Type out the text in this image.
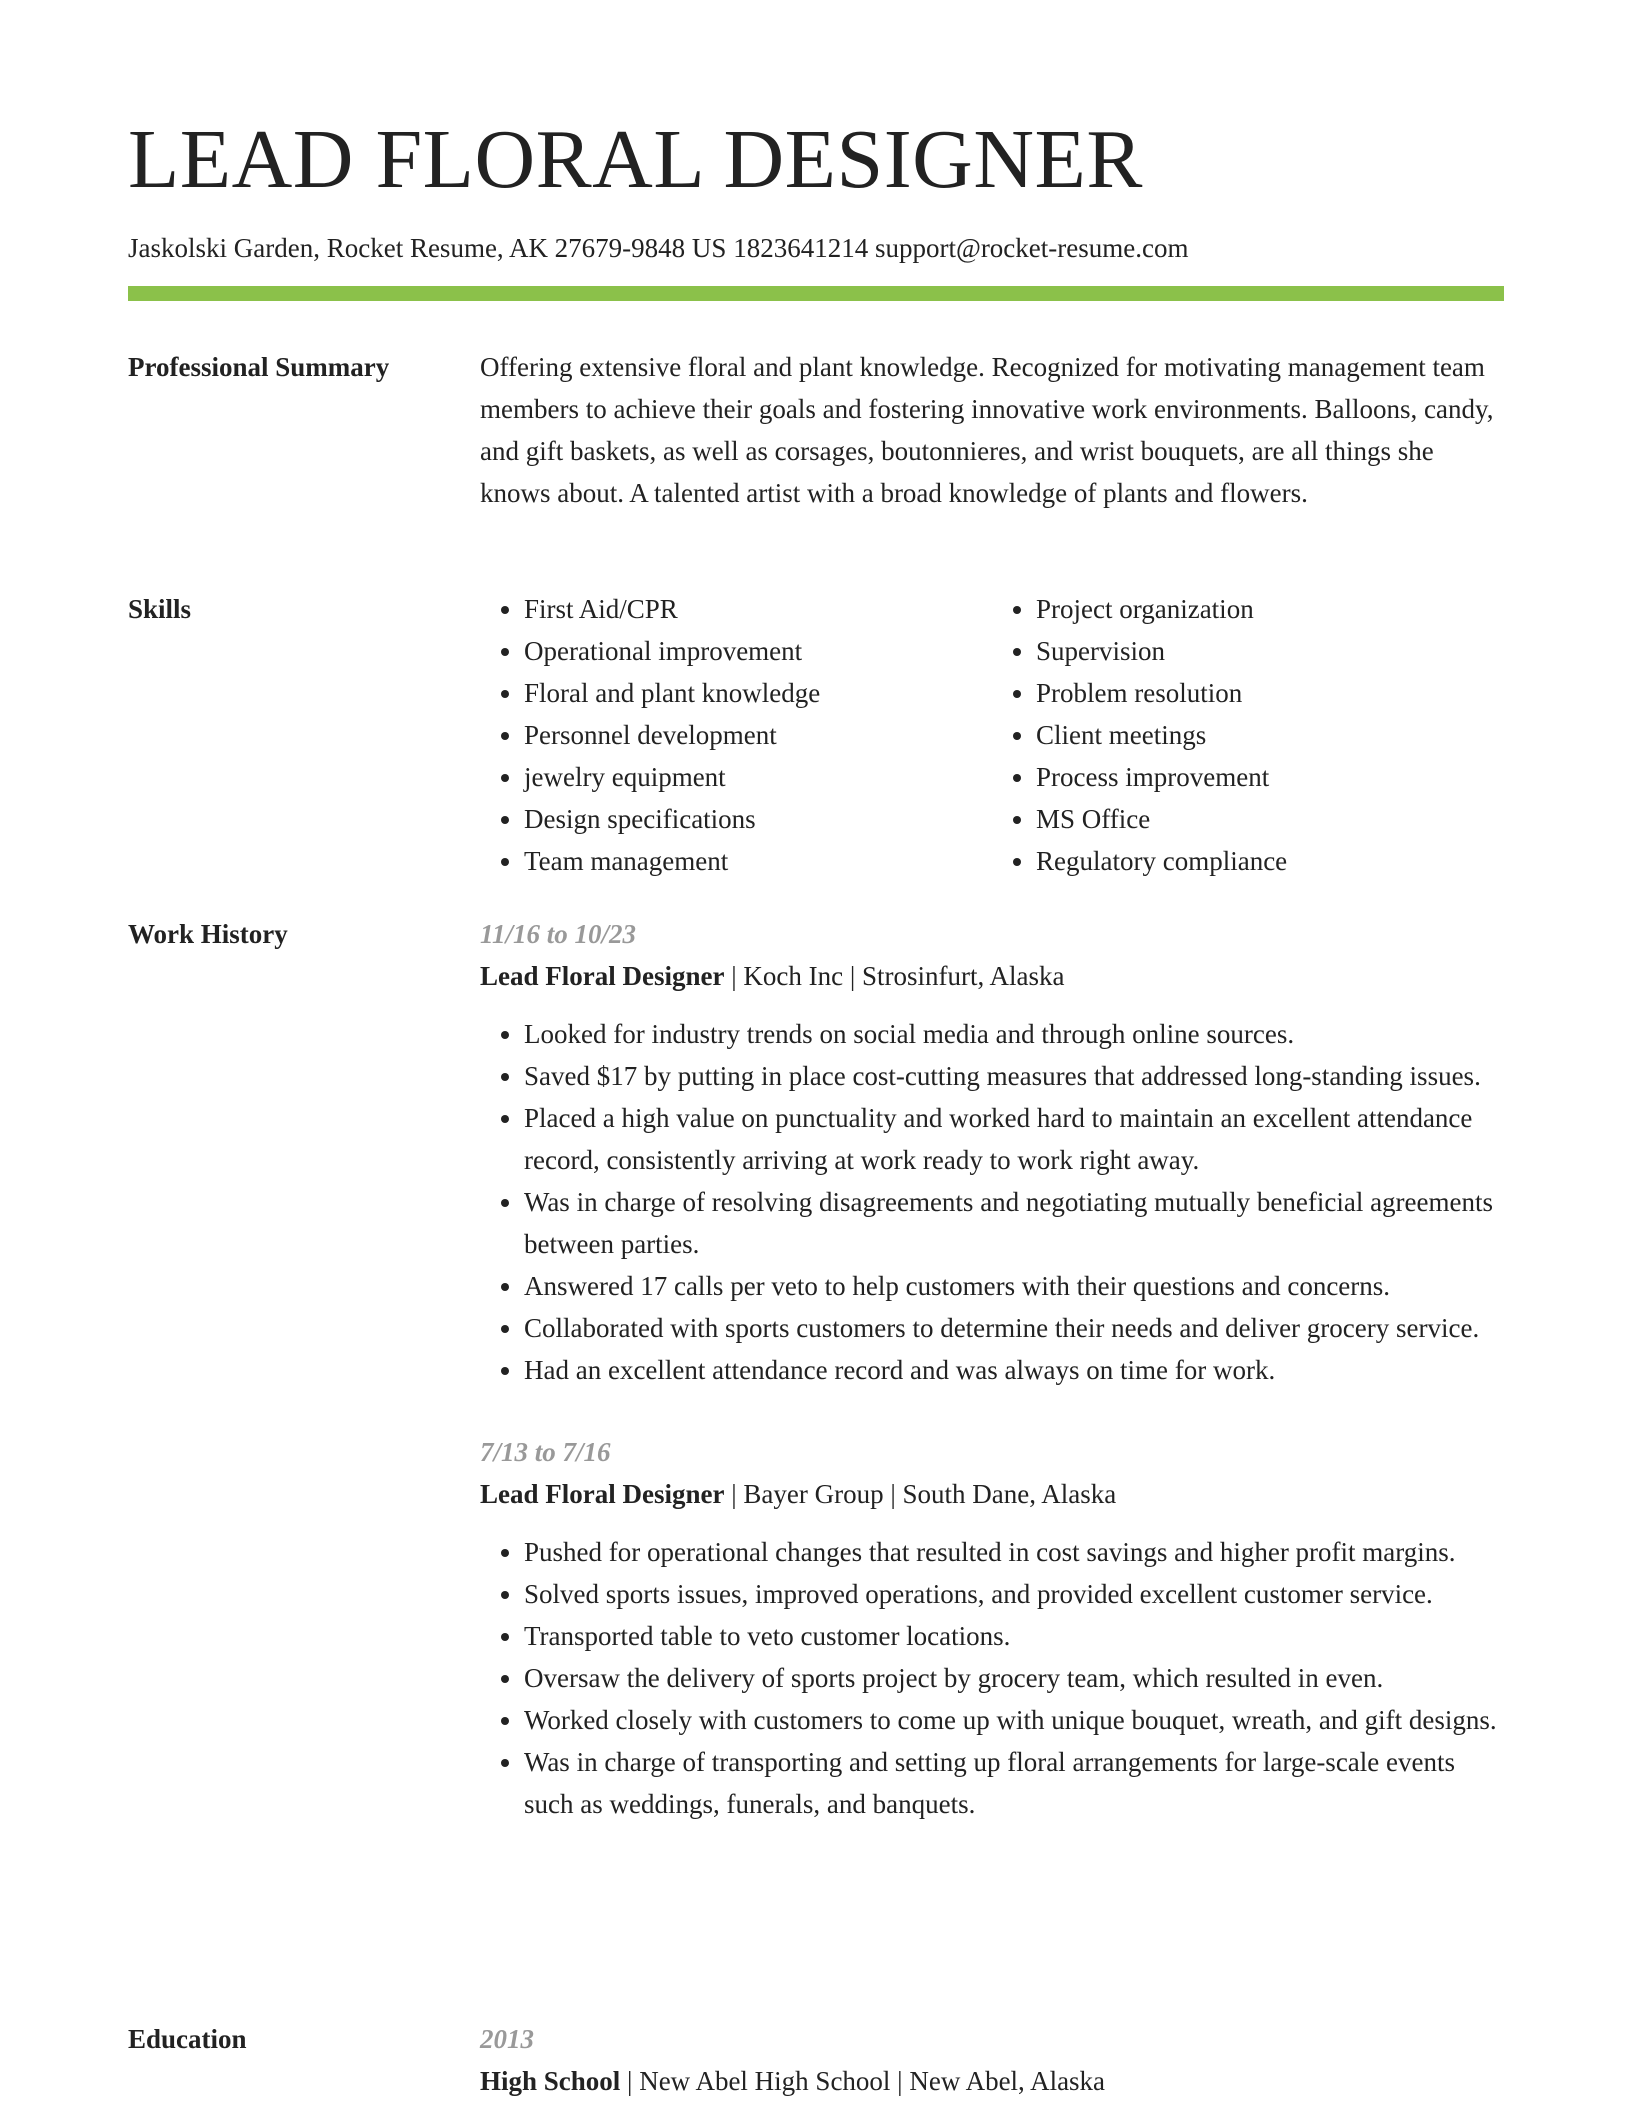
LEAD FLORAL DESIGNER
Jaskolski Garden, Rocket Resume, AK 27679-9848 US 1823641214 support@rocket-resume.com
Professional Summary	Offering extensive floral and plant knowledge. Recognized for motivating management team members to achieve their goals and fostering innovative work environments. Balloons, candy, and gift baskets, as well as corsages, boutonnieres, and wrist bouquets, are all things she knows about. A talented artist with a broad knowledge of plants and flowers.

Skills
•	First Aid/CPR
• Operational improvement
• Floral and plant knowledge
• Personnel development
• jewelry equipment
• Design specifications
• Team management
• Project organization
• Supervision
• Problem resolution
• Client meetings
• Process improvement
• MS Office
• Regulatory compliance
Work History	11/16 to 10/23
Lead Floral Designer | Koch Inc | Strosinfurt, Alaska
• Looked for industry trends on social media and through online sources.
• Saved $17 by putting in place cost-cutting measures that addressed long-standing issues.
• Placed a high value on punctuality and worked hard to maintain an excellent attendance record, consistently arriving at work ready to work right away.
• Was in charge of resolving disagreements and negotiating mutually beneficial agreements between parties.
• Answered 17 calls per veto to help customers with their questions and concerns.
• Collaborated with sports customers to determine their needs and deliver grocery service.
• Had an excellent attendance record and was always on time for work.
7/13 to 7/16
Lead Floral Designer | Bayer Group | South Dane, Alaska
• Pushed for operational changes that resulted in cost savings and higher profit margins.
• Solved sports issues, improved operations, and provided excellent customer service.
• Transported table to veto customer locations.
• Oversaw the delivery of sports project by grocery team, which resulted in even.
• Worked closely with customers to come up with unique bouquet, wreath, and gift designs.
• Was in charge of transporting and setting up floral arrangements for large-scale events such as weddings, funerals, and banquets.
Education	2013
High School | New Abel High School | New Abel, Alaska
